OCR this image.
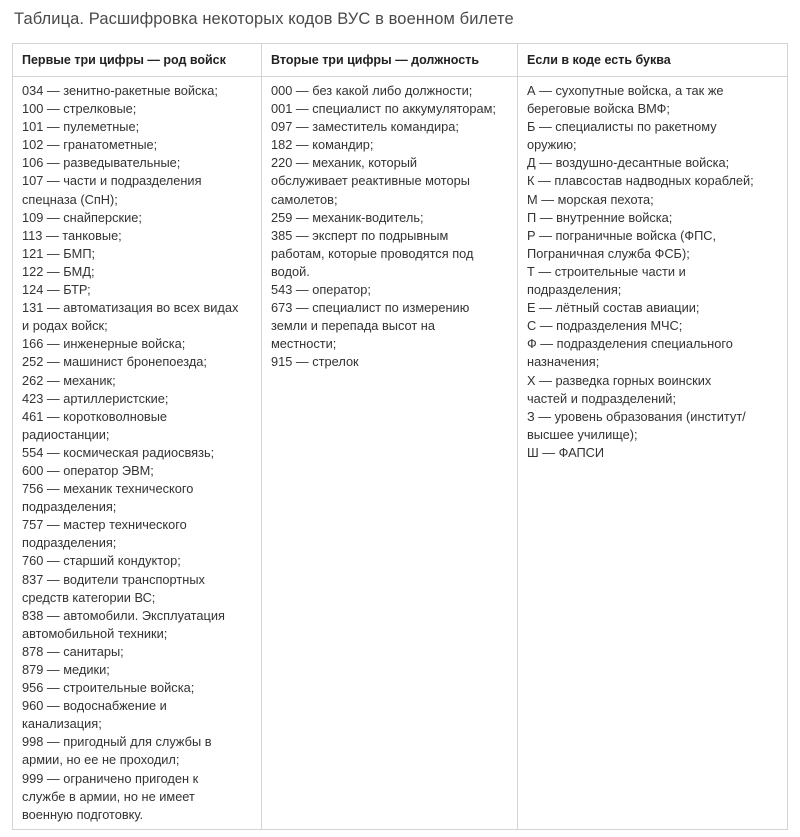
Таблица. Расшифровка некоторых кодов ВУС в военном билете
Первые три цифры — род войск
034 — зенитно-ракетные войска;
100 — стрелковые;
101 — пулеметные;
102 — гранатометные;
106 — разведывательные;
107 — части и подразделения
спецназа (СпН);
109 — снайперские;
113 — танковые;
121 — БМП;
122 — БМД;
124 — БТР;
131 — автоматизация во всех видах
и родах войск;
166 — инженерные войска;
252 — машинист бронепоезда;
262 — механик;
423 — артиллеристские;
461 — коротковолновые
радиостанции;
554 — космическая радиосвязь;
600 — оператор ЭВМ;
756 — механик технического
подразделения;
757 — мастер технического
подразделения;
760 — старший кондуктор;
837 — водители транспортных
средств категории ВС;
838 — автомобили. Эксплуатация
автомобильной техники;
878 — санитары;
879 — медики;
956 — строительные войска;
960 — водоснабжение и
канализация;
998 — пригодный для службы в
армии, но ее не проходил;
999 — ограничено пригоден к
службе в армии, но не имеет
военную подготовку.
Вторые три цифры — должность
000 — без какой либо должности;
001 — специалист по аккумуляторам;
097 — заместитель командира;
182 — командир;
220 — механик, который
обслуживает реактивные моторы
самолетов;
259 — механик-водитель;
385 — эксперт по подрывным
работам, которые проводятся под
водой.
543 — оператор;
673 — специалист по измерению
земли и перепада высот на
местности;
915 — стрелок
Если в коде есть буква
А — сухопутные войска, а так же
береговые войска ВМФ;
Б — специалисты по ракетному
оружию;
Д — воздушно-десантные войска;
К — плавсостав надводных кораблей;
М — морская пехота;
П — внутренние войска;
Р — пограничные войска (ФПС,
Пограничная служба ФСБ);
Т — строительные части и
подразделения;
Е — лётный состав авиации;
С — подразделения МЧС;
Ф — подразделения специального
назначения;
Х — разведка горных воинских
частей и подразделений;
З — уровень образования (институт/
высшее училище);
Ш — ФАПСИ
